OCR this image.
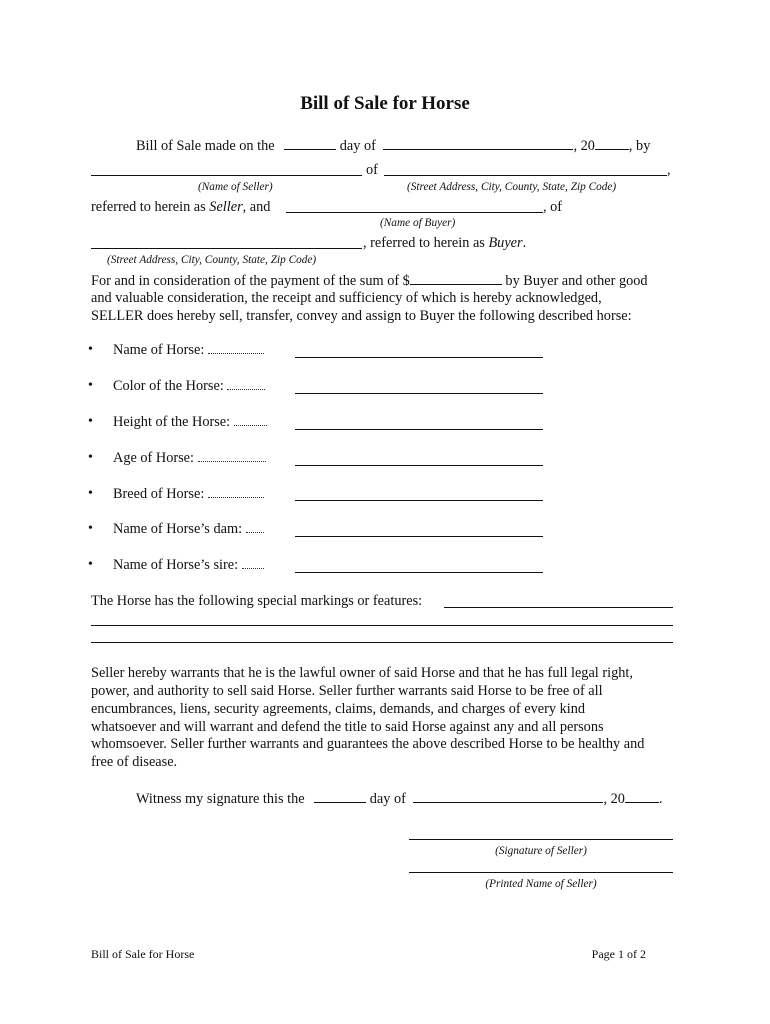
Bill of Sale for Horse
Bill of Sale made on the	day of	, 20 , by
of	,
(Name of Seller)	(Street Address, City, County, State, Zip Code)
referred to herein as Seller, and	, of
(Name of Buyer)
, referred to herein as Buyer.
(Street Address, City, County, State, Zip Code)
For and in consideration of the payment of the sum of $	by Buyer and other good
and valuable consideration, the receipt and sufficiency of which is hereby acknowledged,
SELLER does hereby sell, transfer, convey and assign to Buyer the following described horse:
• Name of Horse:
• Color of the Horse:
• Height of the Horse:
• Age of Horse:
• Breed of Horse:
• Name of Horse’s dam:
• Name of Horse’s sire:
The Horse has the following special markings or features:
Seller hereby warrants that he is the lawful owner of said Horse and that he has full legal right,
power, and authority to sell said Horse. Seller further warrants said Horse to be free of all
encumbrances, liens, security agreements, claims, demands, and charges of every kind
whatsoever and will warrant and defend the title to said Horse against any and all persons
whomsoever. Seller further warrants and guarantees the above described Horse to be healthy and
free of disease.
Witness my signature this the	day of	, 20 .
(Signature of Seller)
(Printed Name of Seller)
Bill of Sale for Horse	Page 1 of 2
